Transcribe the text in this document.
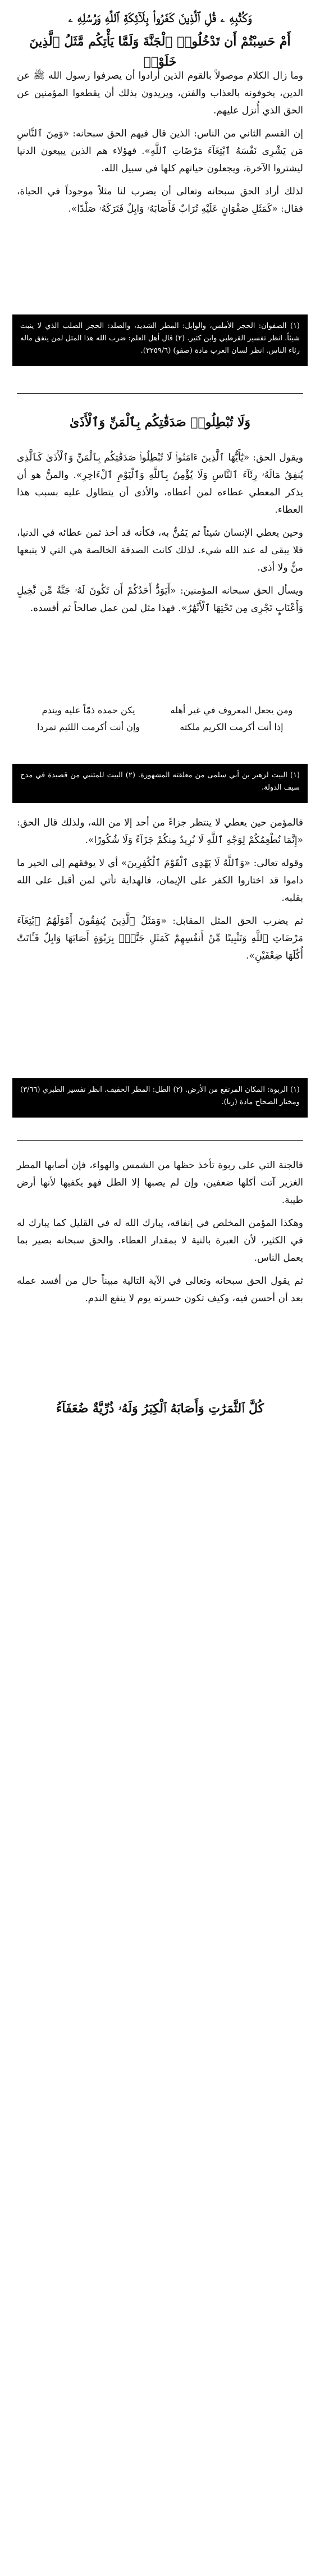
وَكُتُبِهِ ۦ قُلِ ٱلَّذِينَ كَفَرُوا۟ بِلَآئِكَةِ ٱللَّهِ وَرُسُلِهِ ۦ
أَمْ حَسِبْتُمْ أَن تَدْخُلُوا۟ ٱلْجَنَّةَ وَلَمَّا يَأْتِكُم مَّثَلُ ٱلَّذِينَ خَلَوْا۟

وما زال الكلام موصولاً بالقوم الذين أرادوا أن يصرفوا رسول الله ﷺ عن الدين، يخوفونه بالعذاب والفتن، ويريدون بذلك أن يقطعوا المؤمنين عن الحق الذي أُنزل عليهم.

إن القسم الثاني من الناس: الذين قال فيهم الحق سبحانه: «وَمِنَ ٱلنَّاسِ مَن يَشْرِى نَفْسَهُ ٱبْتِغَآءَ مَرْضَاتِ ٱللَّهِ». فهؤلاء هم الذين يبيعون الدنيا ليشتروا الآخرة، ويجعلون حياتهم كلها في سبيل الله.

لذلك أراد الحق سبحانه وتعالى أن يضرب لنا مثلاً موجوداً في الحياة، فقال: «كَمَثَلِ صَفْوَانٍ عَلَيْهِ تُرَابٌ فَأَصَابَهُۥ وَابِلٌ فَتَرَكَهُۥ صَلْدًا».

(١) الصفوان: الحجر الأملس، والوابل: المطر الشديد، والصلد: الحجر الصلب الذي لا ينبت شيئاً. انظر تفسير القرطبي وابن كثير. (٢) قال أهل العلم: ضرب الله هذا المثل لمن ينفق ماله رئاء الناس. انظر لسان العرب مادة (صفو) (٣٢٥٩/٦).

وَلَا تُبْطِلُوا۟ صَدَقَٰتِكُم بِٱلْمَنِّ وَٱلْأَذَىٰ

ويقول الحق: «يَٰٓأَيُّهَا ٱلَّذِينَ ءَامَنُوا۟ لَا تُبْطِلُوا۟ صَدَقَٰتِكُم بِٱلْمَنِّ وَٱلْأَذَىٰ كَٱلَّذِى يُنفِقُ مَالَهُۥ رِئَآءَ ٱلنَّاسِ وَلَا يُؤْمِنُ بِٱللَّهِ وَٱلْيَوْمِ ٱلْءَاخِرِ». والمنُّ هو أن يذكر المعطي عطاءه لمن أعطاه، والأذى أن يتطاول عليه بسبب هذا العطاء.

وحين يعطي الإنسان شيئاً ثم يَمُنُّ به، فكأنه قد أخذ ثمن عطائه في الدنيا، فلا يبقى له عند الله شيء. لذلك كانت الصدقة الخالصة هي التي لا يتبعها منٌّ ولا أذى.

ويسأل الحق سبحانه المؤمنين: «أَيَوَدُّ أَحَدُكُمْ أَن تَكُونَ لَهُۥ جَنَّةٌ مِّن نَّخِيلٍ وَأَعْنَابٍ تَجْرِى مِن تَحْتِهَا ٱلْأَنْهَٰرُ». فهذا مثل لمن عمل صالحاً ثم أفسده.

ومن يجعل المعروف في غير أهله
يكن حمده ذمّاً عليه ويندم
إذا أنت أكرمت الكريم ملكته
وإن أنت أكرمت اللئيم تمردا

(١) البيت لزهير بن أبي سلمى من معلقته المشهورة. (٢) البيت للمتنبي من قصيدة في مدح سيف الدولة.

فالمؤمن حين يعطي لا ينتظر جزاءً من أحد إلا من الله، ولذلك قال الحق: «إِنَّمَا نُطْعِمُكُمْ لِوَجْهِ ٱللَّهِ لَا نُرِيدُ مِنكُمْ جَزَآءً وَلَا شُكُورًا».

وقوله تعالى: «وَٱللَّهُ لَا يَهْدِى ٱلْقَوْمَ ٱلْكَٰفِرِينَ» أي لا يوفقهم إلى الخير ما داموا قد اختاروا الكفر على الإيمان، فالهداية تأتي لمن أقبل على الله بقلبه.

ثم يضرب الحق المثل المقابل: «وَمَثَلُ ٱلَّذِينَ يُنفِقُونَ أَمْوَٰلَهُمُ ٱبْتِغَآءَ مَرْضَاتِ ٱللَّهِ وَتَثْبِيتًا مِّنْ أَنفُسِهِمْ كَمَثَلِ جَنَّةٍۭ بِرَبْوَةٍ أَصَابَهَا وَابِلٌ فَـَٔاتَتْ أُكُلَهَا ضِعْفَيْنِ».

(١) الربوة: المكان المرتفع من الأرض. (٢) الطل: المطر الخفيف. انظر تفسير الطبري (٣/٦٦) ومختار الصحاح مادة (ربا).

فالجنة التي على ربوة تأخذ حظها من الشمس والهواء، فإن أصابها المطر الغزير آتت أكلها ضعفين، وإن لم يصبها إلا الطل فهو يكفيها لأنها أرض طيبة.

وهكذا المؤمن المخلص في إنفاقه، يبارك الله له في القليل كما يبارك له في الكثير، لأن العبرة بالنية لا بمقدار العطاء. والحق سبحانه بصير بما يعمل الناس.

ثم يقول الحق سبحانه وتعالى في الآية التالية مبيناً حال من أفسد عمله بعد أن أحسن فيه، وكيف تكون حسرته يوم لا ينفع الندم.

كُلَّ ٱلثَّمَرَٰتِ وَأَصَابَهُ ٱلْكِبَرُ وَلَهُۥ ذُرِّيَّةٌ ضُعَفَآءُ
